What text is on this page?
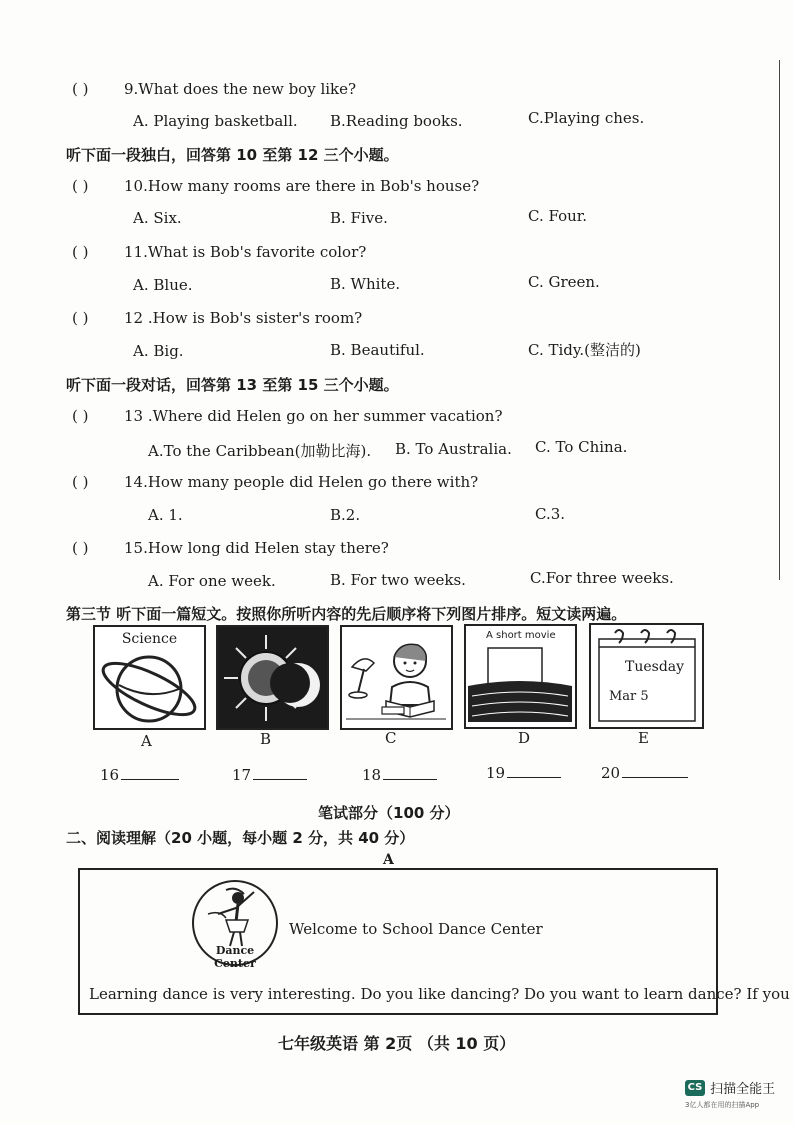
( ) 9.What does the new boy like?
A. Playing basketball. B.Reading books.	C.Playing ches.
听下面一段独白，回答第 10 至第 12 三个小题。
( ) 10.How many rooms are there in Bob's house?
A. Six.	B. Five.	C. Four.
( ) 11.What is Bob's favorite color?
A. Blue.	B. White.	C. Green.
( ) 12 .How is Bob's sister's room?
A. Big.	B. Beautiful.	C. Tidy.(整洁的)
听下面一段对话，回答第 13 至第 15 三个小题。
( ) 13 .Where did Helen go on her summer vacation?
A.To the Caribbean(加勒比海). B. To Australia. C. To China.
( ) 14.How many people did Helen go there with?
A. 1.	B.2.	C.3.
( ) 15.How long did Helen stay there?
A. For one week.	B. For two weeks.	C.For three weeks.
第三节 听下面一篇短文。按照你所听内容的先后顺序将下列图片排序。短文读两遍。
Science
A	B	C
A short movie
D
Tuesday
Mar 5
E
16	17	18	19	20
笔试部分（100 分）
二、阅读理解（20 小题，每小题 2 分，共 40 分）
A
Dance Center
Welcome to School Dance Center
Learning dance is very interesting. Do you like dancing? Do you want to learn dance? If you
七年级英语 第 2页 （共 10 页）
CS 扫描全能王
3亿人都在用的扫描App
